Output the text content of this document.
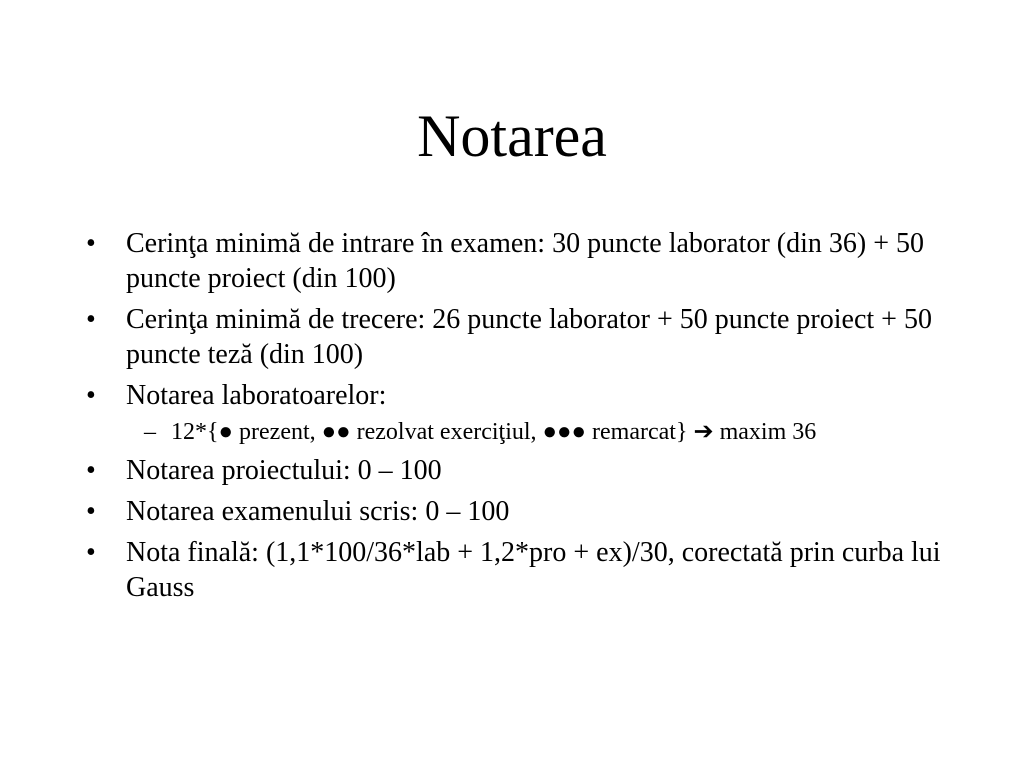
Notarea
•	Cerinţa minimă de intrare în examen: 30 puncte laborator (din 36) + 50 puncte proiect (din 100)
•	Cerinţa minimă de trecere: 26 puncte laborator + 50 puncte proiect + 50 puncte teză (din 100)
•	Notarea laboratoarelor:
– 12*{● prezent, ●● rezolvat exerciţiul, ●●● remarcat} ➔ maxim 36
•	Notarea proiectului: 0 – 100
•	Notarea examenului scris: 0 – 100
•	Nota finală: (1,1*100/36*lab + 1,2*pro + ex)/30, corectată prin curba lui Gauss
